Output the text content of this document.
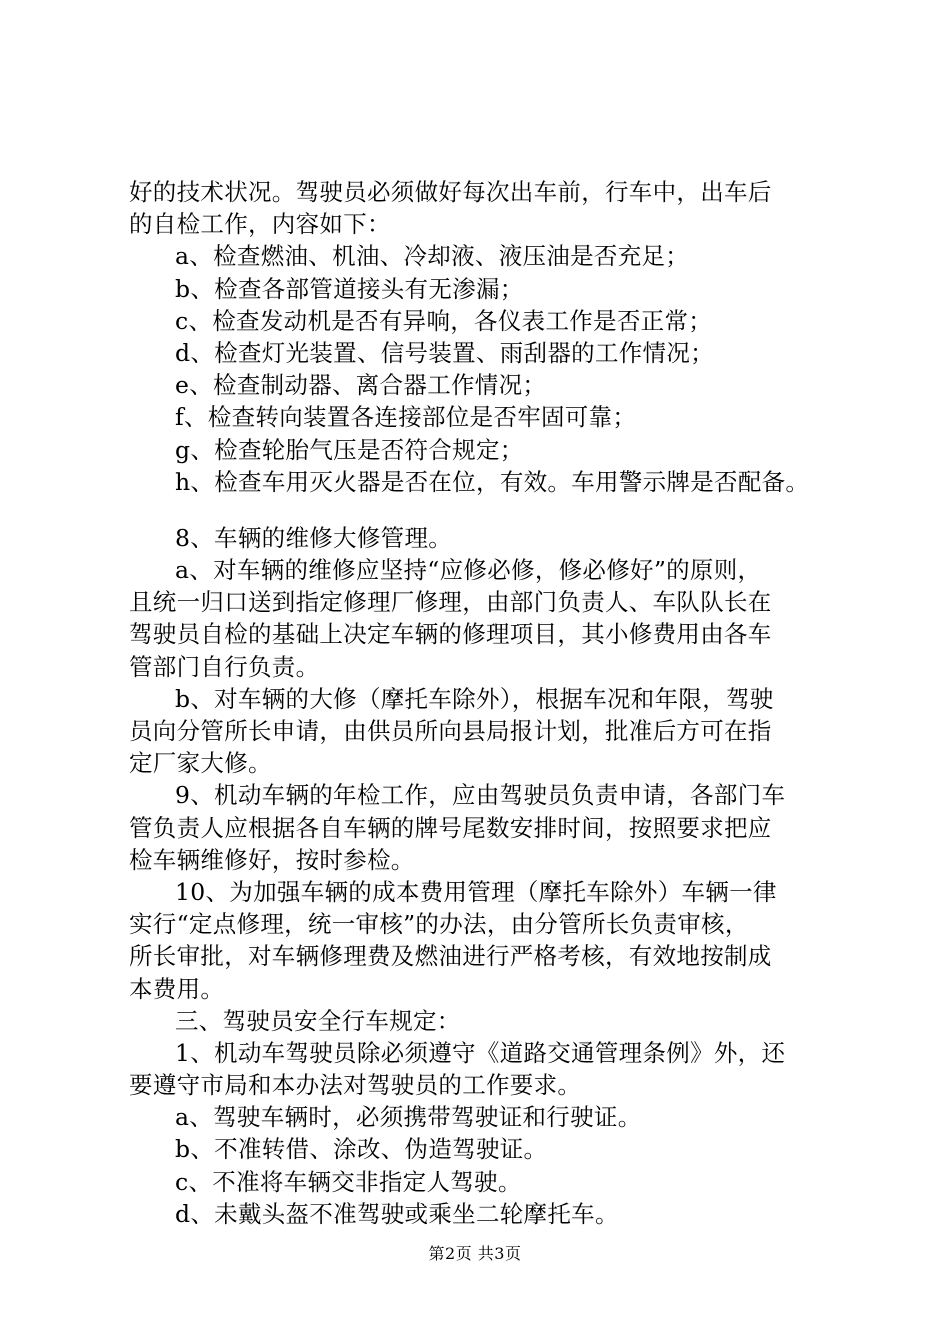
好的技术状况。驾驶员必须做好每次出车前，行车中，出车后
的自检工作，内容如下：
a、检查燃油、机油、冷却液、液压油是否充足；
b、检查各部管道接头有无渗漏；
c、检查发动机是否有异响，各仪表工作是否正常；
d、检查灯光装置、信号装置、雨刮器的工作情况；
e、检查制动器、离合器工作情况；
f、检查转向装置各连接部位是否牢固可靠；
g、检查轮胎气压是否符合规定；
h、检查车用灭火器是否在位，有效。车用警示牌是否配备。
8、车辆的维修大修管理。
a、对车辆的维修应坚持“应修必修，修必修好”的原则，
且统一归口送到指定修理厂修理，由部门负责人、车队队长在
驾驶员自检的基础上决定车辆的修理项目，其小修费用由各车
管部门自行负责。
b、对车辆的大修（摩托车除外），根据车况和年限，驾驶
员向分管所长申请，由供员所向县局报计划，批准后方可在指
定厂家大修。
9、机动车辆的年检工作，应由驾驶员负责申请，各部门车
管负责人应根据各自车辆的牌号尾数安排时间，按照要求把应
检车辆维修好，按时参检。
10、为加强车辆的成本费用管理（摩托车除外）车辆一律
实行“定点修理，统一审核”的办法，由分管所长负责审核，
所长审批，对车辆修理费及燃油进行严格考核，有效地按制成
本费用。
三、驾驶员安全行车规定：
1、机动车驾驶员除必须遵守《道路交通管理条例》外，还
要遵守市局和本办法对驾驶员的工作要求。
a、驾驶车辆时，必须携带驾驶证和行驶证。
b、不准转借、涂改、伪造驾驶证。
c、不准将车辆交非指定人驾驶。
d、未戴头盔不准驾驶或乘坐二轮摩托车。
第2页 共3页
